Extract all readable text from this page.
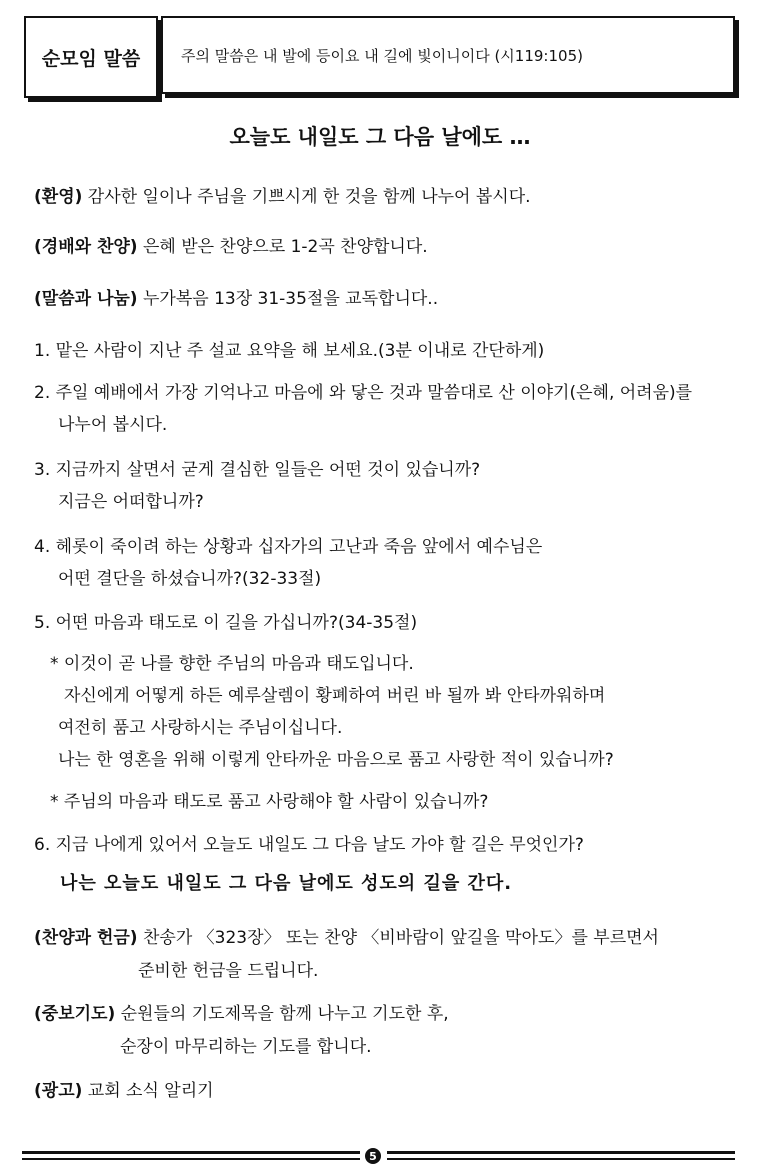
순모임 말씀	주의 말씀은 내 발에 등이요 내 길에 빛이니이다 (시119:105)
오늘도 내일도 그 다음 날에도 …
(환영) 감사한 일이나 주님을 기쁘시게 한 것을 함께 나누어 봅시다.
(경배와 찬양) 은혜 받은 찬양으로 1-2곡 찬양합니다.
(말씀과 나눔) 누가복음 13장 31-35절을 교독합니다..
1. 맡은 사람이 지난 주 설교 요약을 해 보세요.(3분 이내로 간단하게)
2. 주일 예배에서 가장 기억나고 마음에 와 닿은 것과 말씀대로 산 이야기(은혜, 어려움)를
나누어 봅시다.
3. 지금까지 살면서 굳게 결심한 일들은 어떤 것이 있습니까?
지금은 어떠합니까?
4. 헤롯이 죽이려 하는 상황과 십자가의 고난과 죽음 앞에서 예수님은
어떤 결단을 하셨습니까?(32-33절)
5. 어떤 마음과 태도로 이 길을 가십니까?(34-35절)
* 이것이 곧 나를 향한 주님의 마음과 태도입니다.
자신에게 어떻게 하든 예루살렘이 황폐하여 버린 바 될까 봐 안타까워하며
여전히 품고 사랑하시는 주님이십니다.
나는 한 영혼을 위해 이렇게 안타까운 마음으로 품고 사랑한 적이 있습니까?
* 주님의 마음과 태도로 품고 사랑해야 할 사람이 있습니까?
6. 지금 나에게 있어서 오늘도 내일도 그 다음 날도 가야 할 길은 무엇인가?
나는 오늘도 내일도 그 다음 날에도 성도의 길을 간다.
(찬양과 헌금) 찬송가 〈323장〉 또는 찬양 〈비바람이 앞길을 막아도〉를 부르면서
준비한 헌금을 드립니다.
(중보기도) 순원들의 기도제목을 함께 나누고 기도한 후,
순장이 마무리하는 기도를 합니다.
(광고) 교회 소식 알리기
5
